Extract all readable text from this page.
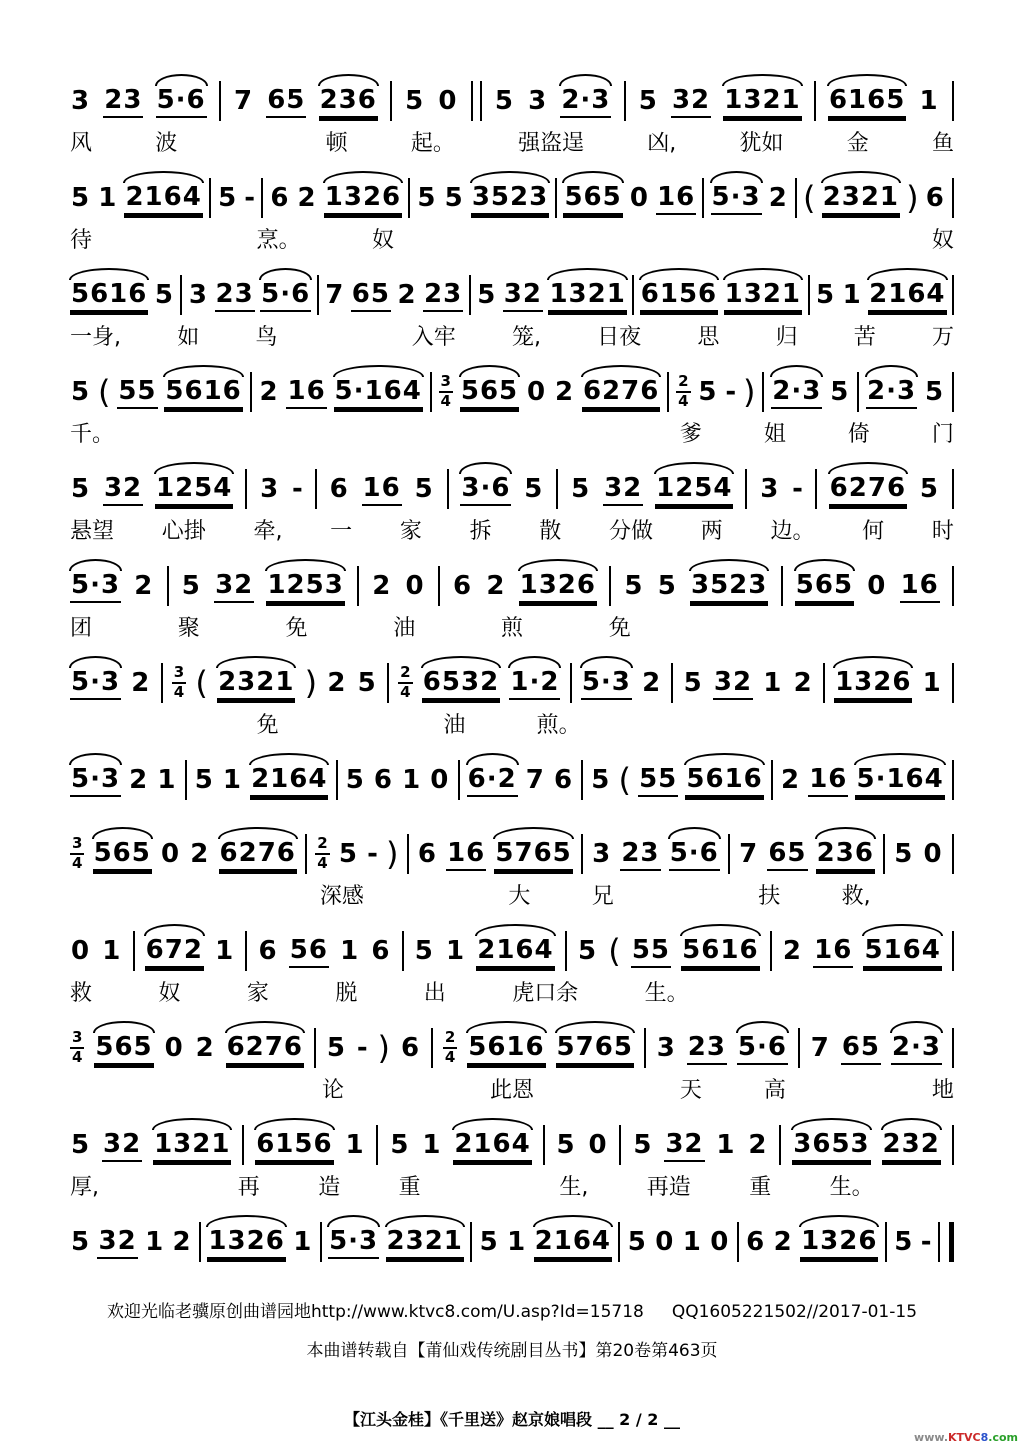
3 23 5·6 7 65 236 5 0 5 3 2·3 5 32 1321 6165 1
风	波	顿	起。	强盗逞	凶,	犹如	金	鱼
5 1 2164 5 - 6 2 1326 5 5 3523 565 0 16 5·3 2 ( 2321 ) 6
待	烹。	奴	奴
5616 5 3 23 5·6 7 65 2 23 5 32 1321 6156 1321 5 1 2164
一身,	如	鸟	入牢	笼,	日夜	思	归	苦	万
5 ( 55 5616 2 16 $5\cdot 164 \frac{3}{4} 565$ 0 2 $6276 \frac{2}{4} 5$ - ) 2·3 5 2·3 5
千。	爹	姐	倚	门
5 32 1254 3 - 6 16 5 3·6 5 5 32 1254 3 - 6276 5
悬望 心掛 牵, 一 家 拆 散 分做 两 边。 何 时
5·3 2 5 32 1253 2 0 6 2 1326 5 5 3523 565 0 16
团	聚	免	油	煎	免
5·3 $2 \frac{3}{4}$ ( 2321 ) 2 $5 \frac{2}{4} 6532$ 1·2 5·3 2 5 32 1 2 1326 1
免	油	煎。
5·3 2 1 5 1 2164 5 6 1 0 6·2 7 6 5 ( 55 5616 2 16 5·164
$\frac{3}{4} 565$ 0 2 $6276 \frac{2}{4} 5$ - ) 6 16 5765 3 23 5·6 7 65 236 5 0
深感	大	兄	扶	救,
0 1 672 1 6 56 1 6 5 1 2164 5 ( 55 5616 2 16 5164
救	奴	家	脱	出	虎口余	生。
$\frac{3}{4} 565$ 0 2 6276 5 - ) $6 \frac{2}{4} 5616$ 5765 3 23 5·6 7 65 2·3
论	此恩	天	高	地
5 32 1321 6156 1 5 1 2164 5 0 5 32 1 2 3653 232
厚,	再	造	重	生,	再造	重	生。
5 32 1 2 1326 1 5·3 2321 5 1 2164 5 0 1 0 6 2 1326 5 -
欢迎光临老骥原创曲谱园地http://www.ktvc8.com/U.asp?Id=15718 QQ1605221502//2017-01-15
本曲谱转载自【莆仙戏传统剧目丛书】第20卷第463页
【江头金桂】《千里送》赵京娘唱段 __ 2 / 2 __
www.KTVC8.com
